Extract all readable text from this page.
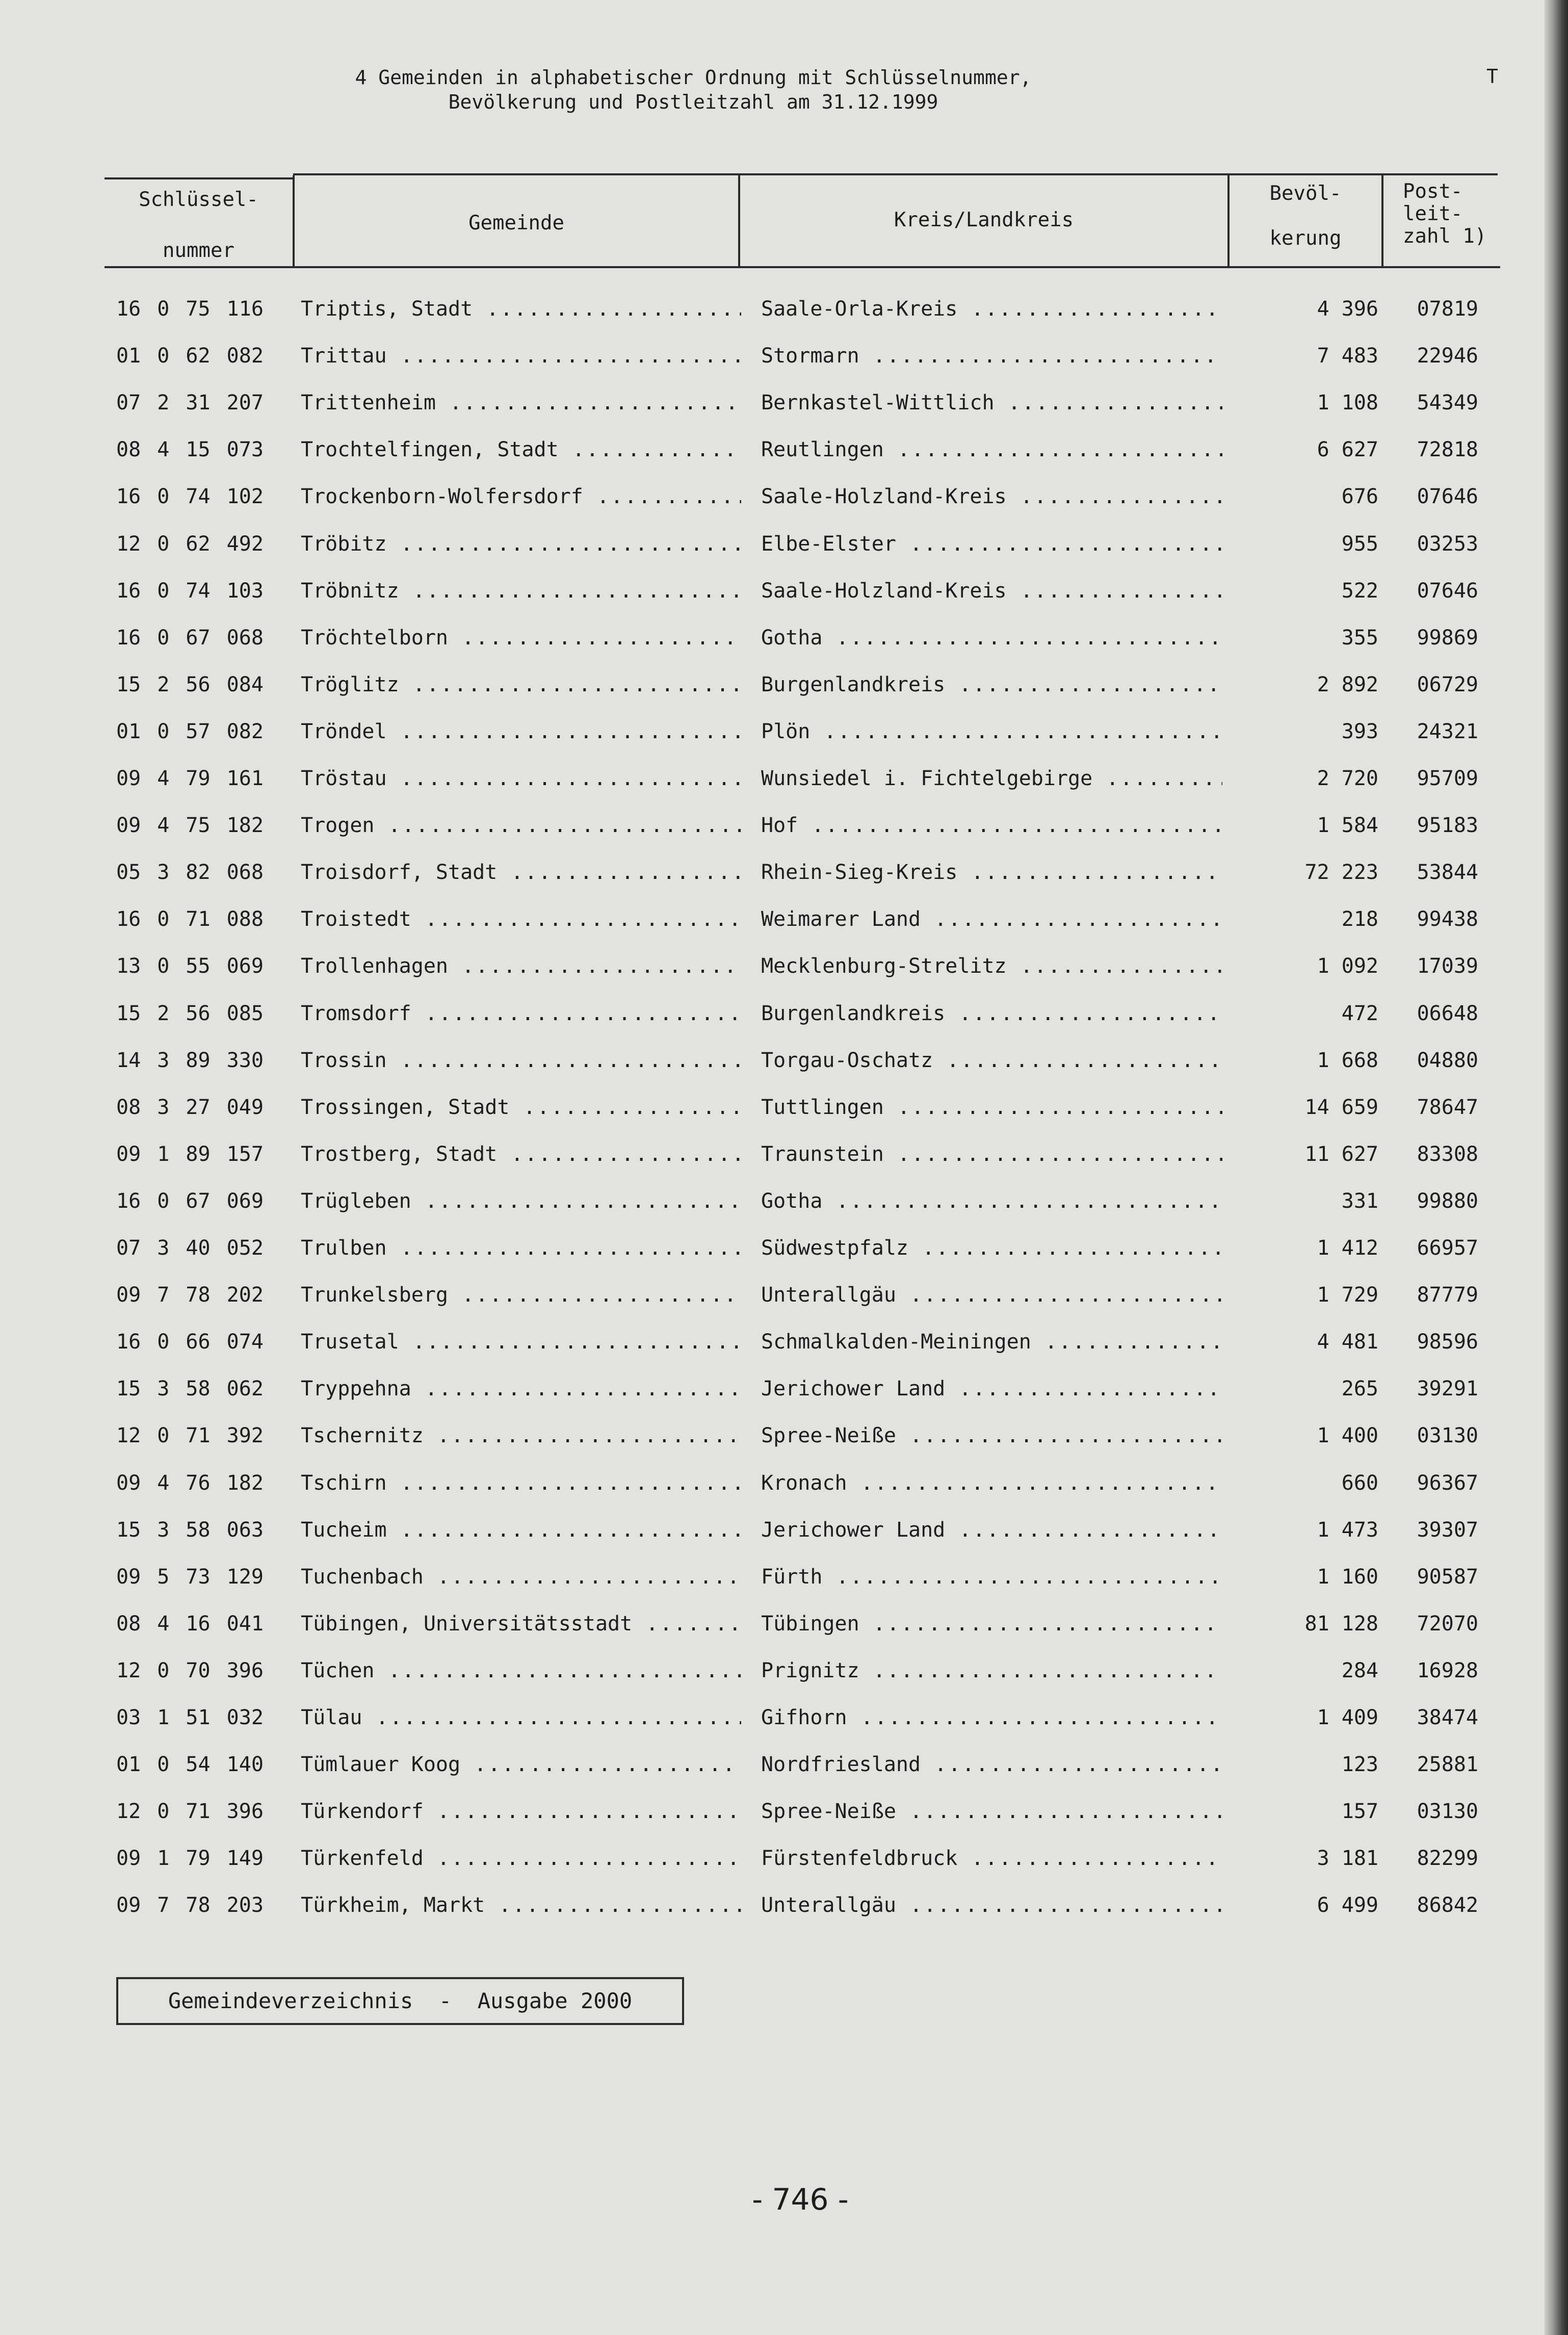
4 Gemeinden in alphabetischer Ordnung mit Schlüsselnummer,
Bevölkerung und Postleitzahl am 31.12.1999
T
Schlüssel-
nummer
Gemeinde	Kreis/Landkreis
Bevöl-
kerung
Post-
leit-
zahl 1)
16 0 75 116	Triptis, Stadt .....	Saale-Orla-Kreis .....	4 396	07819
01 0 62 082	Trittau .....	Stormarn .....	7 483	22946
07 2 31 207	Trittenheim .....	Bernkastel-Wittlich .....	1 108	54349
08 4 15 073	Trochtelfingen, Stadt .....	Reutlingen .....	6 627	72818
16 0 74 102	Trockenborn-Wolfersdorf .....	Saale-Holzland-Kreis .....	676	07646
12 0 62 492	Tröbitz .....	Elbe-Elster .....	955	03253
16 0 74 103	Tröbnitz .....	Saale-Holzland-Kreis .....	522	07646
16 0 67 068	Tröchtelborn .....	Gotha .....	355	99869
15 2 56 084	Tröglitz .....	Burgenlandkreis .....	2 892	06729
01 0 57 082	Tröndel .....	Plön .....	393	24321
09 4 79 161	Tröstau .....	Wunsiedel i. Fichtelgebirge .....	2 720	95709
09 4 75 182	Trogen .....	Hof .....	1 584	95183
05 3 82 068	Troisdorf, Stadt .....	Rhein-Sieg-Kreis .....	72 223	53844
16 0 71 088	Troistedt .....	Weimarer Land .....	218	99438
13 0 55 069	Trollenhagen .....	Mecklenburg-Strelitz .....	1 092	17039
15 2 56 085	Tromsdorf .....	Burgenlandkreis .....	472	06648
14 3 89 330	Trossin .....	Torgau-Oschatz .....	1 668	04880
08 3 27 049	Trossingen, Stadt .....	Tuttlingen .....	14 659	78647
09 1 89 157	Trostberg, Stadt .....	Traunstein .....	11 627	83308
16 0 67 069	Trügleben .....	Gotha .....	331	99880
07 3 40 052	Trulben .....	Südwestpfalz .....	1 412	66957
09 7 78 202	Trunkelsberg .....	Unterallgäu .....	1 729	87779
16 0 66 074	Trusetal .....	Schmalkalden-Meiningen .....	4 481	98596
15 3 58 062	Tryppehna .....	Jerichower Land .....	265	39291
12 0 71 392	Tschernitz .....	Spree-Neiße .....	1 400	03130
09 4 76 182	Tschirn .....	Kronach .....	660	96367
15 3 58 063	Tucheim .....	Jerichower Land .....	1 473	39307
09 5 73 129	Tuchenbach .....	Fürth .....	1 160	90587
08 4 16 041	Tübingen, Universitätsstadt .....	Tübingen .....	81 128	72070
12 0 70 396	Tüchen .....	Prignitz .....	284	16928
03 1 51 032	Tülau .....	Gifhorn .....	1 409	38474
01 0 54 140	Tümlauer Koog .....	Nordfriesland .....	123	25881
12 0 71 396	Türkendorf .....	Spree-Neiße .....	157	03130
09 1 79 149	Türkenfeld .....	Fürstenfeldbruck .....	3 181	82299
09 7 78 203	Türkheim, Markt .....	Unterallgäu .....	6 499	86842
Gemeindeverzeichnis  -  Ausgabe 2000
- 746 -
